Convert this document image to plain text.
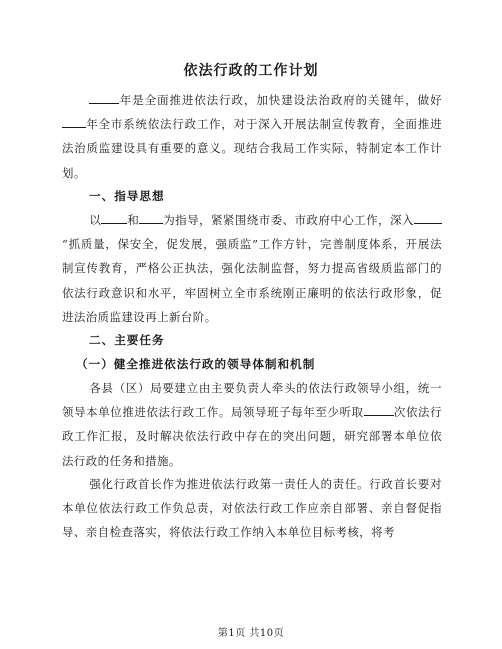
依法行政的工作计划
年是全面推进依法行政，加快建设法治政府的关键年，做好年全市系统依法行政工作，对于深入开展法制宣传教育，全面推进法治质监建设具有重要的意义。现结合我局工作实际，特制定本工作计划。
一、指导思想
以 和 为指导，紧紧围绕市委、市政府中心工作，深入“抓质量，保安全，促发展，强质监”工作方针，完善制度体系，开展法制宣传教育，严格公正执法，强化法制监督，努力提高省级质监部门的依法行政意识和水平，牢固树立全市系统刚正廉明的依法行政形象，促进法治质监建设再上新台阶。
二、主要任务
（一）健全推进依法行政的领导体制和机制
各县（区）局要建立由主要负责人牵头的依法行政领导小组，统一领导本单位推进依法行政工作。局领导班子每年至少听取	次依法行政工作汇报，及时解决依法行政中存在的突出问题，研究部署本单位依法行政的任务和措施。
强化行政首长作为推进依法行政第一责任人的责任。行政首长要对本单位依法行政工作负总责，对依法行政工作应亲自部署、亲自督促指导、亲自检查落实，将依法行政工作纳入本单位目标考核，将考
第1页 共10页
